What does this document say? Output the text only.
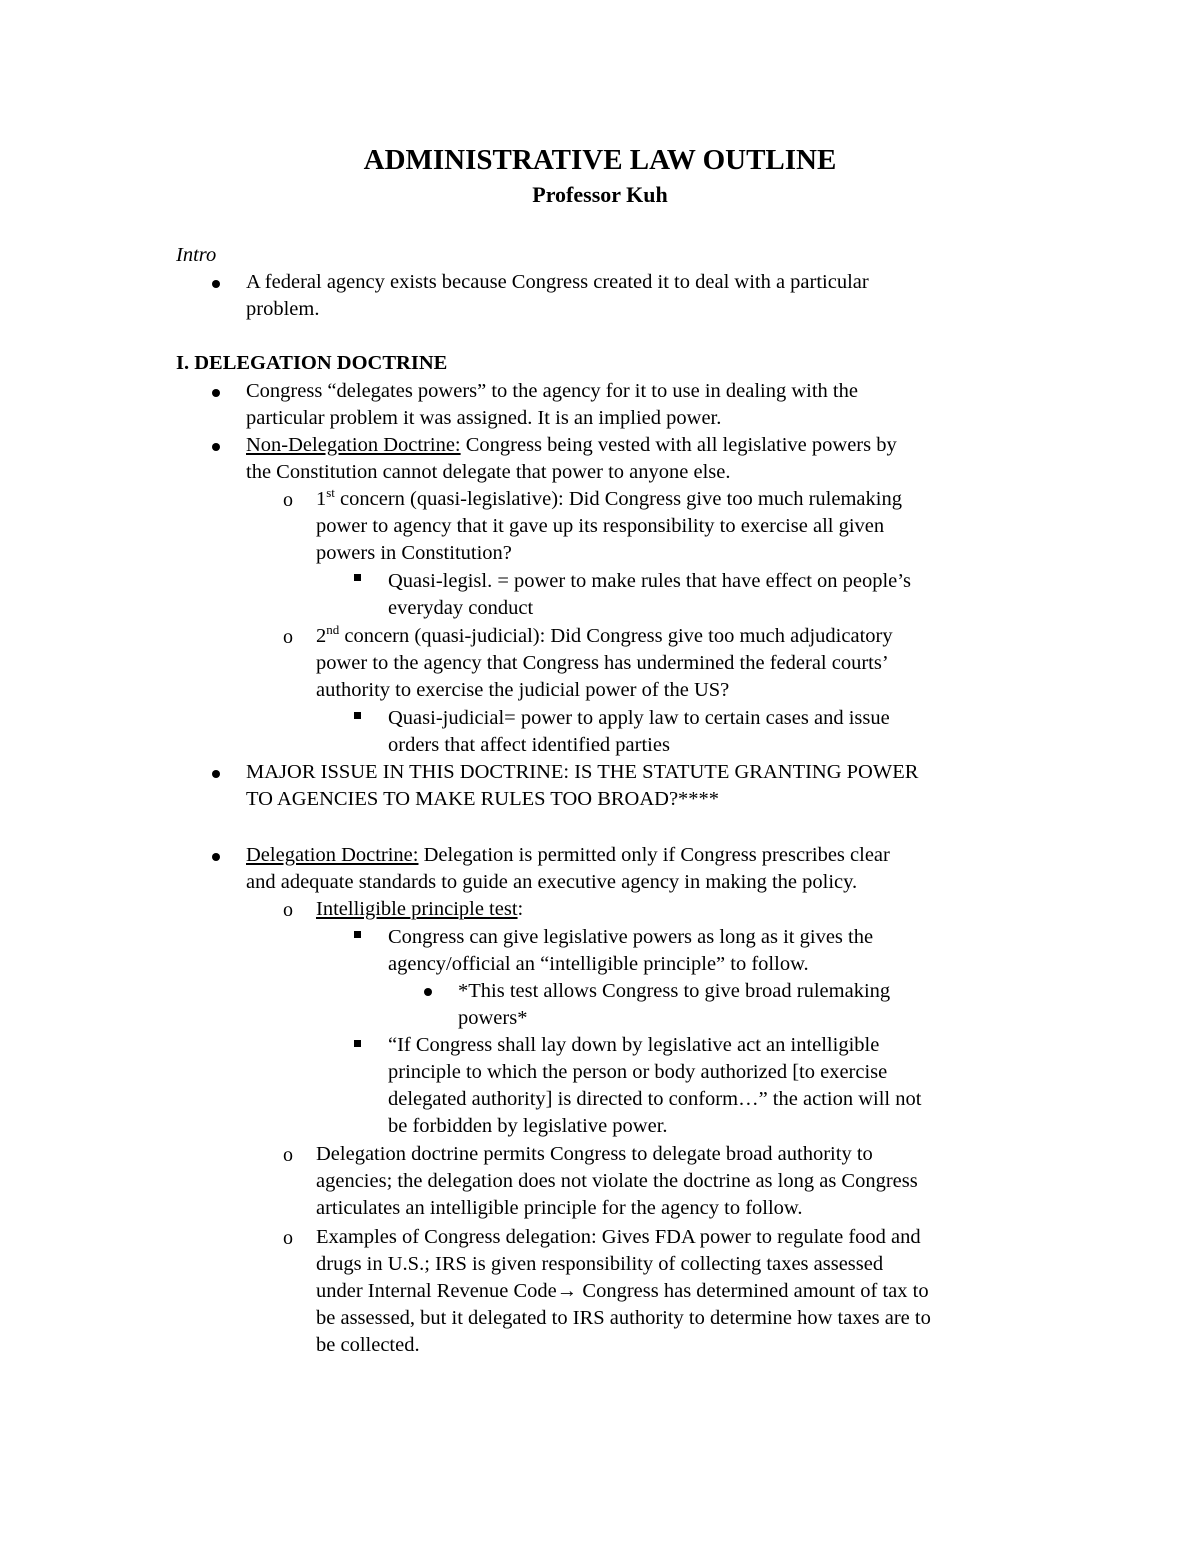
ADMINISTRATIVE LAW OUTLINE
Professor Kuh
Intro
A federal agency exists because Congress created it to deal with a particular
problem.
I. DELEGATION DOCTRINE
Congress “delegates powers” to the agency for it to use in dealing with the
particular problem it was assigned. It is an implied power.
Non-Delegation Doctrine: Congress being vested with all legislative powers by
the Constitution cannot delegate that power to anyone else.
o 1st concern (quasi-legislative): Did Congress give too much rulemaking
power to agency that it gave up its responsibility to exercise all given
powers in Constitution?
Quasi-legisl. = power to make rules that have effect on people’s
everyday conduct
o 2nd concern (quasi-judicial): Did Congress give too much adjudicatory
power to the agency that Congress has undermined the federal courts’
authority to exercise the judicial power of the US?
Quasi-judicial= power to apply law to certain cases and issue
orders that affect identified parties
MAJOR ISSUE IN THIS DOCTRINE: IS THE STATUTE GRANTING POWER
TO AGENCIES TO MAKE RULES TOO BROAD?****
Delegation Doctrine: Delegation is permitted only if Congress prescribes clear
and adequate standards to guide an executive agency in making the policy.
o Intelligible principle test:
Congress can give legislative powers as long as it gives the
agency/official an “intelligible principle” to follow.
*This test allows Congress to give broad rulemaking
powers*
“If Congress shall lay down by legislative act an intelligible
principle to which the person or body authorized [to exercise
delegated authority] is directed to conform…” the action will not
be forbidden by legislative power.
o Delegation doctrine permits Congress to delegate broad authority to
agencies; the delegation does not violate the doctrine as long as Congress
articulates an intelligible principle for the agency to follow.
o Examples of Congress delegation: Gives FDA power to regulate food and
drugs in U.S.; IRS is given responsibility of collecting taxes assessed
under Internal Revenue Code→ Congress has determined amount of tax to
be assessed, but it delegated to IRS authority to determine how taxes are to
be collected.
